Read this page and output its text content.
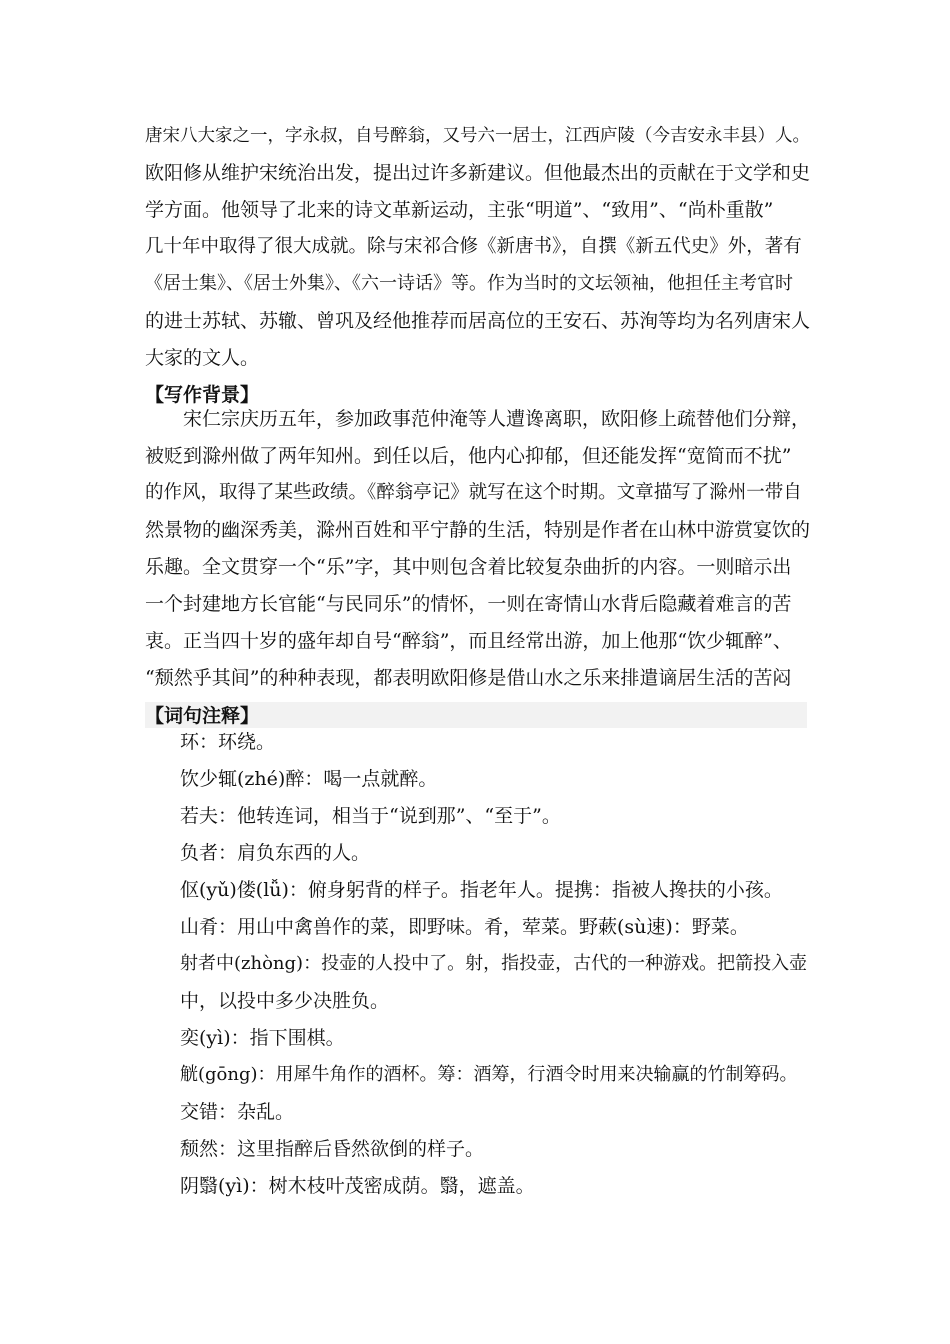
唐宋八大家之一，字永叔，自号醉翁，又号六一居士，江西庐陵（今吉安永丰县）人。
欧阳修从维护宋统治出发，提出过许多新建议。但他最杰出的贡献在于文学和史
学方面。他领导了北来的诗文革新运动，主张“明道”、“致用”、“尚朴重散”
几十年中取得了很大成就。除与宋祁合修《新唐书》，自撰《新五代史》外，著有
《居士集》、《居士外集》、《六一诗话》等。作为当时的文坛领袖，他担任主考官时
的进士苏轼、苏辙、曾巩及经他推荐而居高位的王安石、苏洵等均为名列唐宋人
大家的文人。
【写作背景】
　　宋仁宗庆历五年，参加政事范仲淹等人遭谗离职，欧阳修上疏替他们分辩，
被贬到滁州做了两年知州。到任以后，他内心抑郁，但还能发挥“宽简而不扰”
的作风，取得了某些政绩。《醉翁亭记》就写在这个时期。文章描写了滁州一带自
然景物的幽深秀美，滁州百姓和平宁静的生活，特别是作者在山林中游赏宴饮的
乐趣。全文贯穿一个“乐”字，其中则包含着比较复杂曲折的内容。一则暗示出
一个封建地方长官能“与民同乐”的情怀，一则在寄情山水背后隐藏着难言的苦
衷。正当四十岁的盛年却自号“醉翁”，而且经常出游，加上他那“饮少辄醉”、
“颓然乎其间”的种种表现，都表明欧阳修是借山水之乐来排遣谪居生活的苦闷
【词句注释】
环：环绕。
饮少辄(zhé)醉：喝一点就醉。
若夫：他转连词，相当于“说到那”、“至于”。
负者：肩负东西的人。
伛(yǔ)偻(lǚ)：俯身躬背的样子。指老年人。提携：指被人搀扶的小孩。
山肴：用山中禽兽作的菜，即野味。肴，荤菜。野蔌(sù速)：野菜。
射者中(zhòng)：投壶的人投中了。射，指投壶，古代的一种游戏。把箭投入壶
中，以投中多少决胜负。
奕(yì)：指下围棋。
觥(gōng)：用犀牛角作的酒杯。筹：酒筹，行酒令时用来决输赢的竹制筹码。
交错：杂乱。
颓然：这里指醉后昏然欲倒的样子。
阴翳(yì)：树木枝叶茂密成荫。翳，遮盖。
